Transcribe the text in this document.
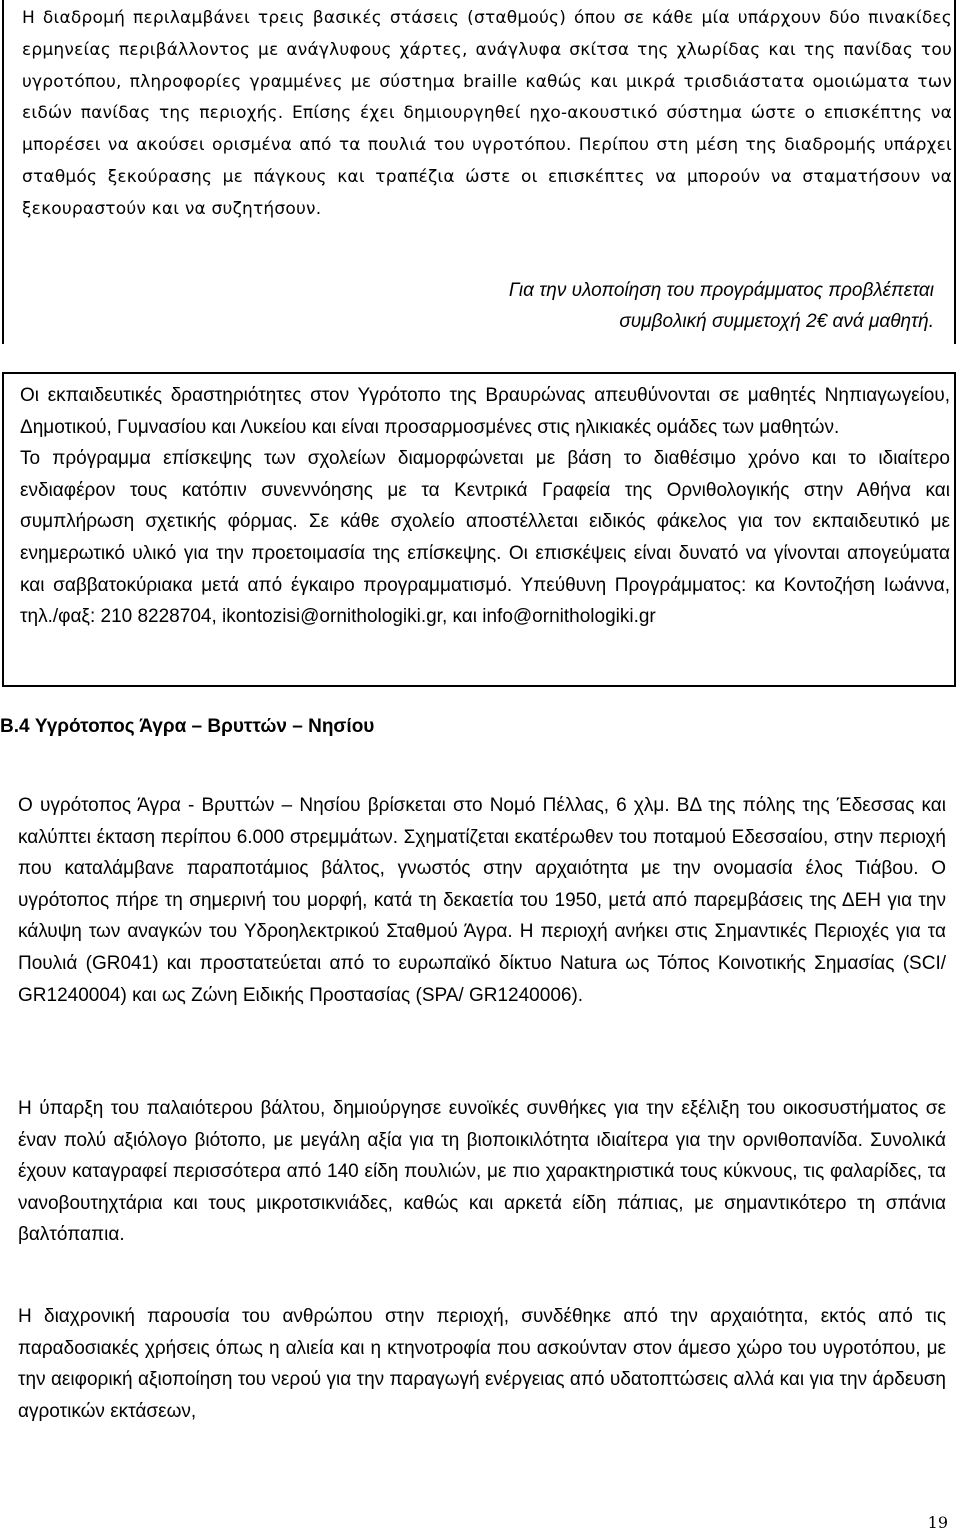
Η διαδρομή περιλαμβάνει τρεις βασικές στάσεις (σταθμούς) όπου σε κάθε μία υπάρχουν δύο πινακίδες ερμηνείας περιβάλλοντος με ανάγλυφους χάρτες, ανάγλυφα σκίτσα της χλωρίδας και της πανίδας του υγροτόπου, πληροφορίες γραμμένες με σύστημα braille καθώς και μικρά τρισδιάστατα ομοιώματα των ειδών πανίδας της περιοχής. Επίσης έχει δημιουργηθεί ηχο-ακουστικό σύστημα ώστε ο επισκέπτης να μπορέσει να ακούσει ορισμένα από τα πουλιά του υγροτόπου. Περίπου στη μέση της διαδρομής υπάρχει σταθμός ξεκούρασης με πάγκους και τραπέζια ώστε οι επισκέπτες να μπορούν να σταματήσουν να ξεκουραστούν και να συζητήσουν.

Για την υλοποίηση του προγράμματος προβλέπεται
συμβολική συμμετοχή 2€ ανά μαθητή.

Οι εκπαιδευτικές δραστηριότητες στον Υγρότοπο της Βραυρώνας απευθύνονται σε μαθητές Νηπιαγωγείου, Δημοτικού, Γυμνασίου και Λυκείου και είναι προσαρμοσμένες στις ηλικιακές ομάδες των μαθητών.

Το πρόγραμμα επίσκεψης των σχολείων διαμορφώνεται με βάση το διαθέσιμο χρόνο και το ιδιαίτερο ενδιαφέρον τους κατόπιν συνεννόησης με τα Κεντρικά Γραφεία της Ορνιθολογικής στην Αθήνα και συμπλήρωση σχετικής φόρμας. Σε κάθε σχολείο αποστέλλεται ειδικός φάκελος για τον εκπαιδευτικό με ενημερωτικό υλικό για την προετοιμασία της επίσκεψης. Οι επισκέψεις είναι δυνατό να γίνονται απογεύματα και σαββατοκύριακα μετά από έγκαιρο προγραμματισμό. Υπεύθυνη Προγράμματος: κα Κοντοζήση Ιωάννα, τηλ./φαξ: 210 8228704, ikontozisi@ornithologiki.gr, και info@ornithologiki.gr

B.4 Υγρότοπος Άγρα – Βρυττών – Νησίου

Ο υγρότοπος Άγρα - Βρυττών – Νησίου βρίσκεται στο Νομό Πέλλας, 6 χλμ. ΒΔ της πόλης της Έδεσσας και καλύπτει έκταση περίπου 6.000 στρεμμάτων. Σχηματίζεται εκατέρωθεν του ποταμού Εδεσσαίου, στην περιοχή που καταλάμβανε παραποτάμιος βάλτος, γνωστός στην αρχαιότητα με την ονομασία έλος Τιάβου. Ο υγρότοπος πήρε τη σημερινή του μορφή, κατά τη δεκαετία του 1950, μετά από παρεμβάσεις της ΔΕΗ για την κάλυψη των αναγκών του Υδροηλεκτρικού Σταθμού Άγρα. Η περιοχή ανήκει στις Σημαντικές Περιοχές για τα Πουλιά (GR041) και προστατεύεται από το ευρωπαϊκό δίκτυο Natura ως Τόπος Κοινοτικής Σημασίας (SCI/ GR1240004) και ως Ζώνη Ειδικής Προστασίας (SPA/ GR1240006).

Η ύπαρξη του παλαιότερου βάλτου, δημιούργησε ευνοϊκές συνθήκες για την εξέλιξη του οικοσυστήματος σε έναν πολύ αξιόλογο βιότοπο, με μεγάλη αξία για τη βιοποικιλότητα ιδιαίτερα για την ορνιθοπανίδα. Συνολικά έχουν καταγραφεί περισσότερα από 140 είδη πουλιών, με πιο χαρακτηριστικά τους κύκνους, τις φαλαρίδες, τα νανοβουτηχτάρια και τους μικροτσικνιάδες, καθώς και αρκετά είδη πάπιας, με σημαντικότερο τη σπάνια βαλτόπαπια.

Η διαχρονική παρουσία του ανθρώπου στην περιοχή, συνδέθηκε από την αρχαιότητα, εκτός από τις παραδοσιακές χρήσεις όπως η αλιεία και η κτηνοτροφία που ασκούνταν στον άμεσο χώρο του υγροτόπου, με την αειφορική αξιοποίηση του νερού για την παραγωγή ενέργειας από υδατοπτώσεις αλλά και για την άρδευση αγροτικών εκτάσεων,

19
